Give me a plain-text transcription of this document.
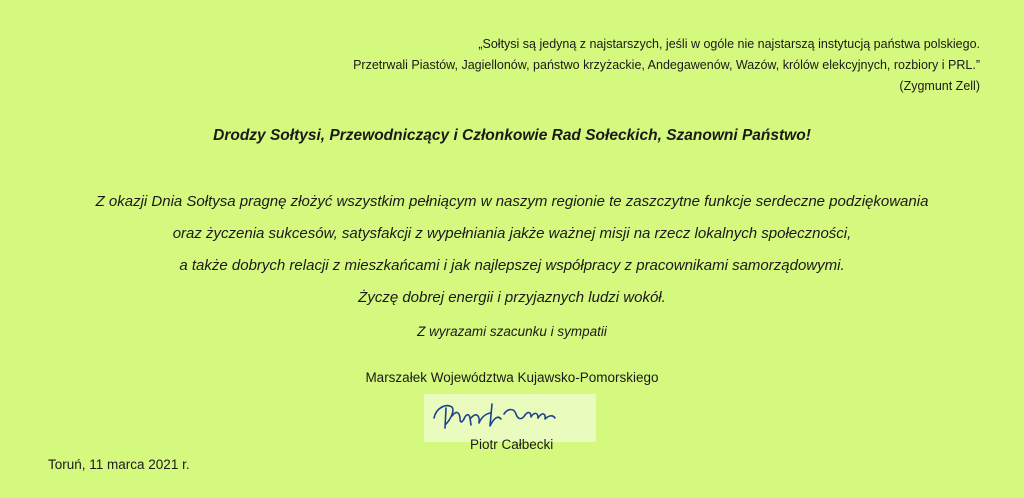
„Sołtysi są jedyną z najstarszych, jeśli w ogóle nie najstarszą instytucją państwa polskiego.
Przetrwali Piastów, Jagiellonów, państwo krzyżackie, Andegawenów, Wazów, królów elekcyjnych, rozbiory i PRL.”
(Zygmunt Zell)
Drodzy Sołtysi, Przewodniczący i Członkowie Rad Sołeckich, Szanowni Państwo!
Z okazji Dnia Sołtysa pragnę złożyć wszystkim pełniącym w naszym regionie te zaszczytne funkcje serdeczne podziękowania
oraz życzenia sukcesów, satysfakcji z wypełniania jakże ważnej misji na rzecz lokalnych społeczności,
a także dobrych relacji z mieszkańcami i jak najlepszej współpracy z pracownikami samorządowymi.
Życzę dobrej energii i przyjaznych ludzi wokół.
Z wyrazami szacunku i sympatii
Marszałek Województwa Kujawsko-Pomorskiego
Piotr Całbecki
Toruń, 11 marca 2021 r.
